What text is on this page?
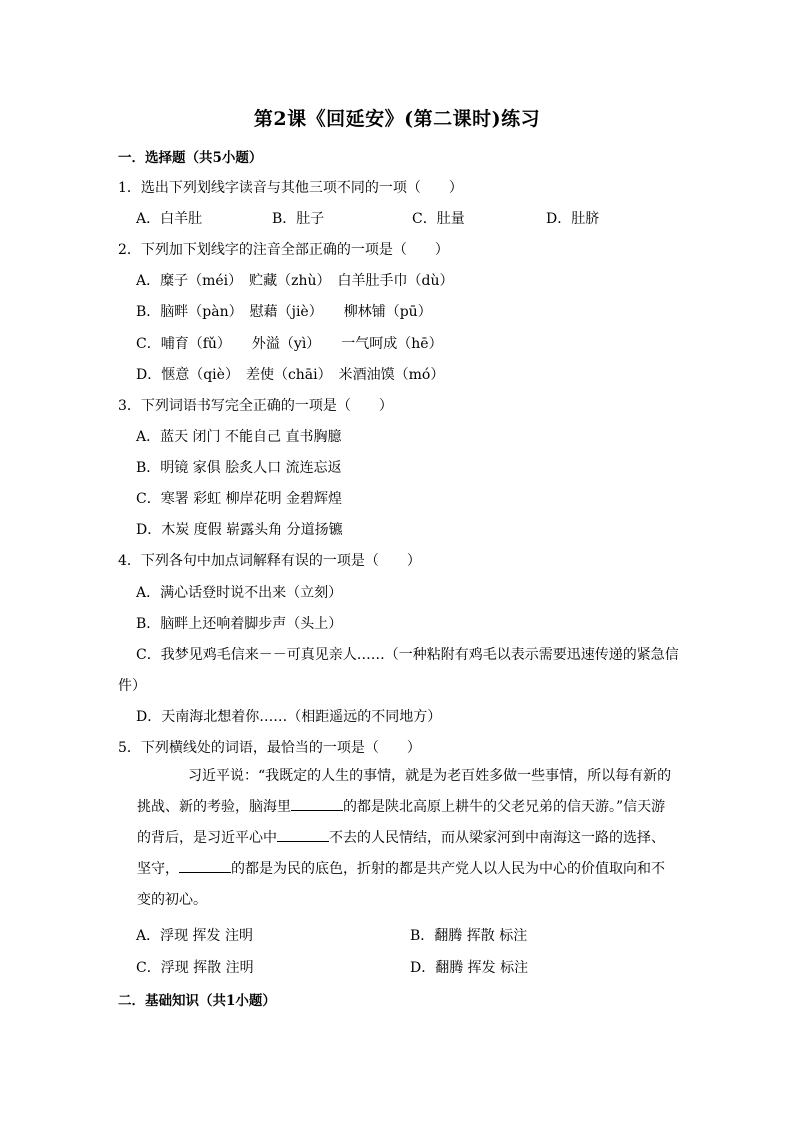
第2课《回延安》(第二课时)练习
一．选择题（共5小题）
1．选出下列划线字读音与其他三项不同的一项（　　）
A．白羊肚	B．肚子	C．肚量	D．肚脐
2．下列加下划线字的注音全部正确的一项是（　　）
A．糜子（méi）　贮藏（zhù）　白羊肚手巾（dù）
B．脑畔（pàn）　慰藉（jiè）　　柳林铺（pū）
C．哺育（fǔ）　　外溢（yì）　　一气呵成（hē）
D．惬意（qiè）　差使（chāi）　米酒油馍（mó）
3．下列词语书写完全正确的一项是（　　）
A．蓝天 闭门 不能自己 直书胸臆
B．明镜 家俱 脍炙人口 流连忘返
C．寒署 彩虹 柳岸花明 金碧辉煌
D．木炭 度假 崭露头角 分道扬镳
4．下列各句中加点词解释有误的一项是（　　）
A．满心话登时说不出来（立刻）
B．脑畔上还响着脚步声（头上）
C．我梦见鸡毛信来－－可真见亲人……（一种粘附有鸡毛以表示需要迅速传递的紧急信
件）
D．天南海北想着你……（相距遥远的不同地方）
5．下列横线处的词语，最恰当的一项是（　　）
习近平说：“我既定的人生的事情，就是为老百姓多做一些事情，所以每有新的
挑战、新的考验，脑海里	的都是陕北高原上耕牛的父老兄弟的信天游。”信天游
的背后，是习近平心中	不去的人民情结，而从梁家河到中南海这一路的选择、
坚守，	的都是为民的底色，折射的都是共产党人以人民为中心的价值取向和不
变的初心。
A．浮现 挥发 注明	B．翻腾 挥散 标注
C．浮现 挥散 注明	D．翻腾 挥发 标注
二．基础知识（共1小题）
